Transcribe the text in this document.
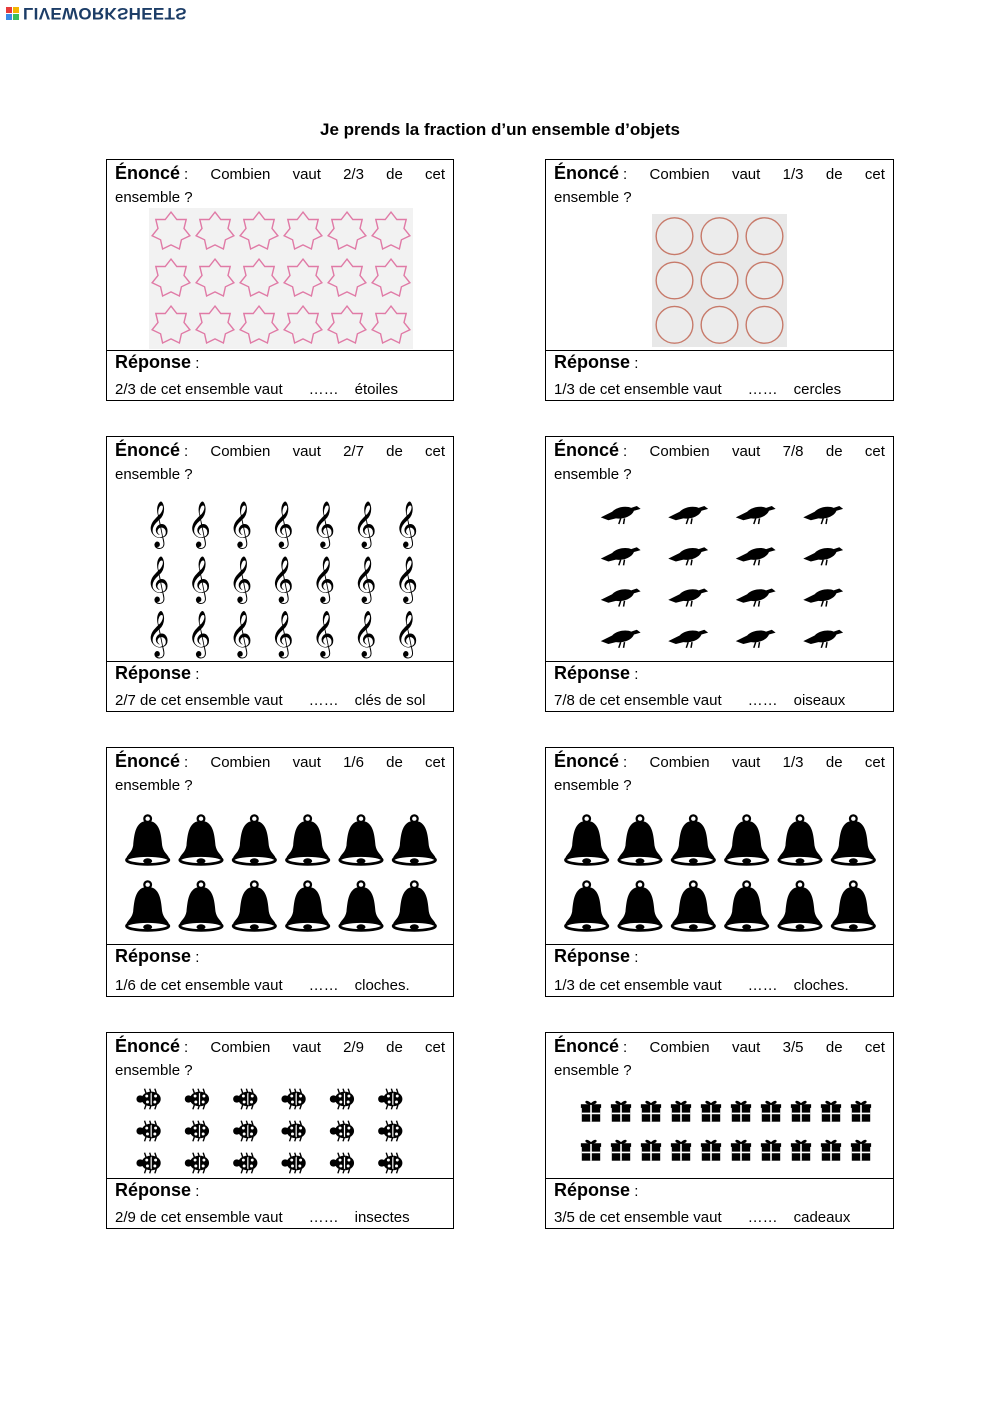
LIVEWORKSHEETS
Je prends la fraction d’un ensemble d’objets
Énoncé : Combien vaut 2/3 de cet
ensemble ?
Réponse :
2/3 de cet ensemble vaut …… étoiles
Énoncé : Combien vaut 1/3 de cet
ensemble ?
Réponse :
1/3 de cet ensemble vaut …… cercles
Énoncé : Combien vaut 2/7 de cet
ensemble ?
𝄞 𝄞 𝄞 𝄞 𝄞 𝄞 𝄞
𝄞 𝄞 𝄞 𝄞 𝄞 𝄞 𝄞
𝄞 𝄞 𝄞 𝄞 𝄞 𝄞 𝄞
Réponse :
2/7 de cet ensemble vaut …… clés de sol
Énoncé : Combien vaut 7/8 de cet
ensemble ?
Réponse :
7/8 de cet ensemble vaut …… oiseaux
Énoncé : Combien vaut 1/6 de cet
ensemble ?
Réponse :
1/6 de cet ensemble vaut …… cloches.
Énoncé : Combien vaut 1/3 de cet
ensemble ?
Réponse :
1/3 de cet ensemble vaut …… cloches.
Énoncé : Combien vaut 2/9 de cet
ensemble ?
Réponse :
2/9 de cet ensemble vaut …… insectes
Énoncé : Combien vaut 3/5 de cet
ensemble ?
Réponse :
3/5 de cet ensemble vaut …… cadeaux
